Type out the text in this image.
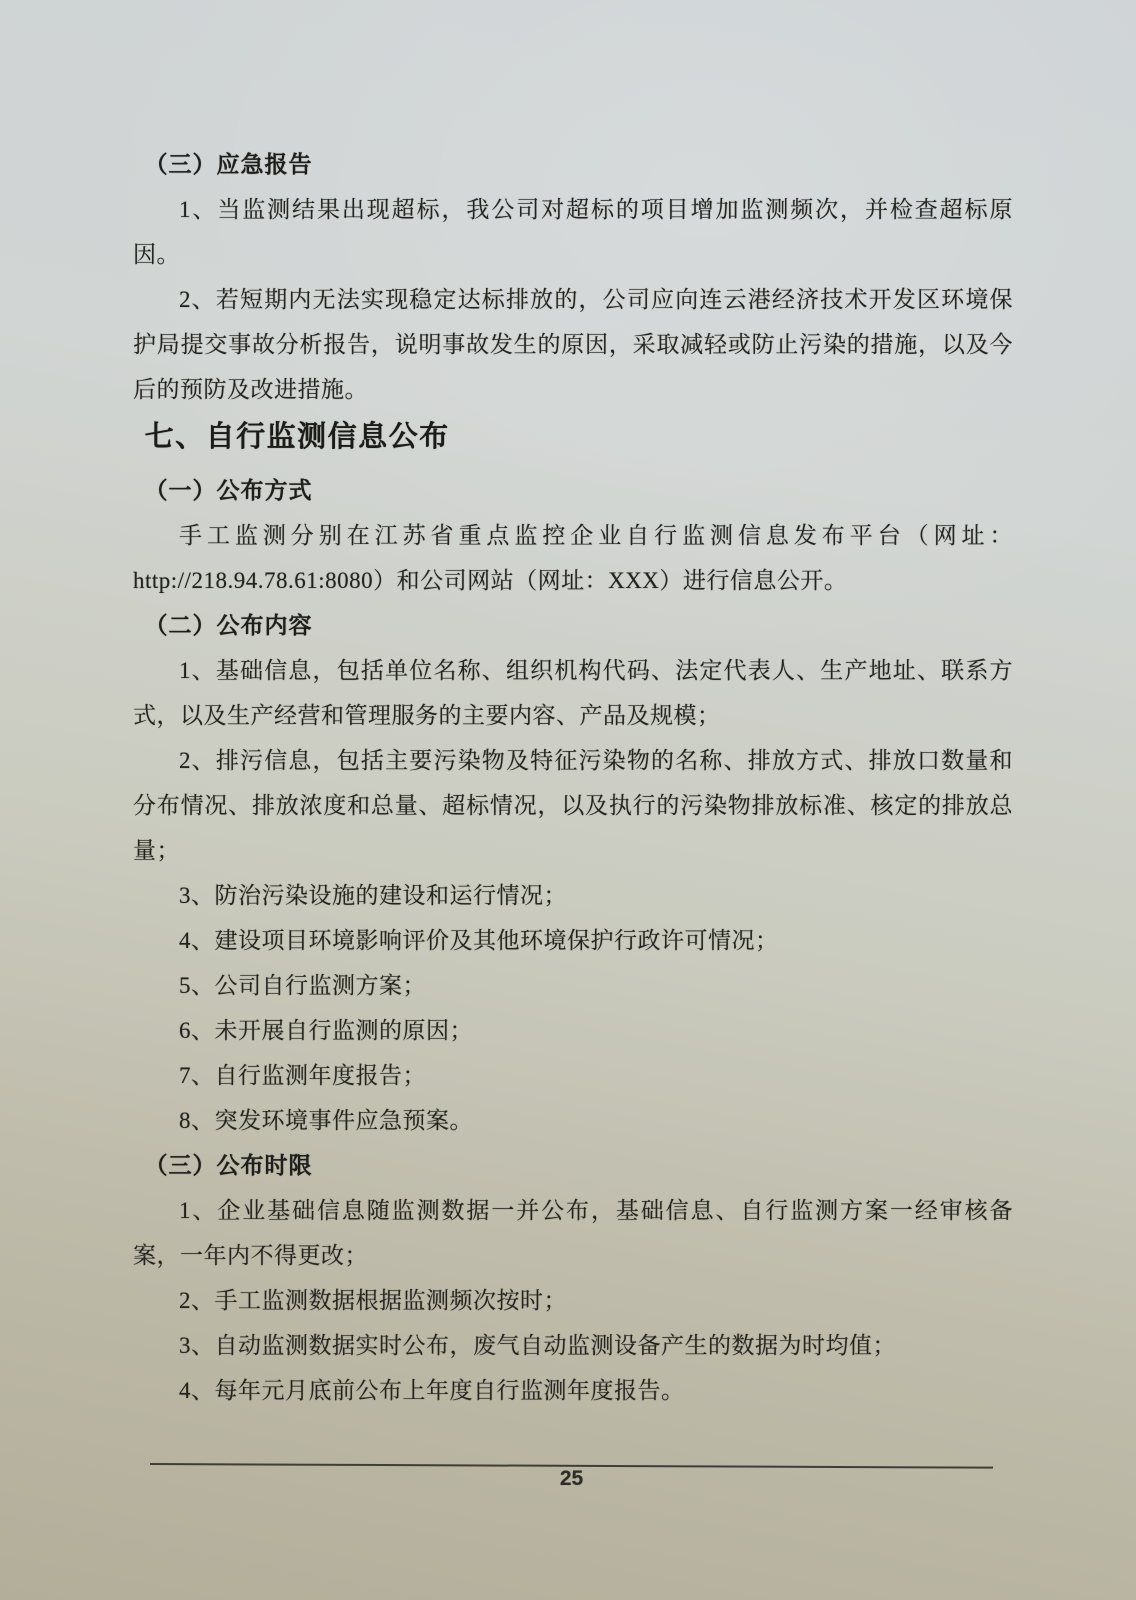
（三）应急报告

1、当监测结果出现超标，我公司对超标的项目增加监测频次，并检查超标原因。

2、若短期内无法实现稳定达标排放的，公司应向连云港经济技术开发区环境保护局提交事故分析报告，说明事故发生的原因，采取减轻或防止污染的措施，以及今后的预防及改进措施。

七、自行监测信息公布
（一）公布方式

手工监测分别在江苏省重点监控企业自行监测信息发布平台（网址：http://218.94.78.61:8080）和公司网站（网址：XXX）进行信息公开。

（二）公布内容

1、基础信息，包括单位名称、组织机构代码、法定代表人、生产地址、联系方式，以及生产经营和管理服务的主要内容、产品及规模；

2、排污信息，包括主要污染物及特征污染物的名称、排放方式、排放口数量和分布情况、排放浓度和总量、超标情况，以及执行的污染物排放标准、核定的排放总量；

3、防治污染设施的建设和运行情况；

4、建设项目环境影响评价及其他环境保护行政许可情况；

5、公司自行监测方案；

6、未开展自行监测的原因；

7、自行监测年度报告；

8、突发环境事件应急预案。

（三）公布时限

1、企业基础信息随监测数据一并公布，基础信息、自行监测方案一经审核备案，一年内不得更改；

2、手工监测数据根据监测频次按时；

3、自动监测数据实时公布，废气自动监测设备产生的数据为时均值；

4、每年元月底前公布上年度自行监测年度报告。

25
